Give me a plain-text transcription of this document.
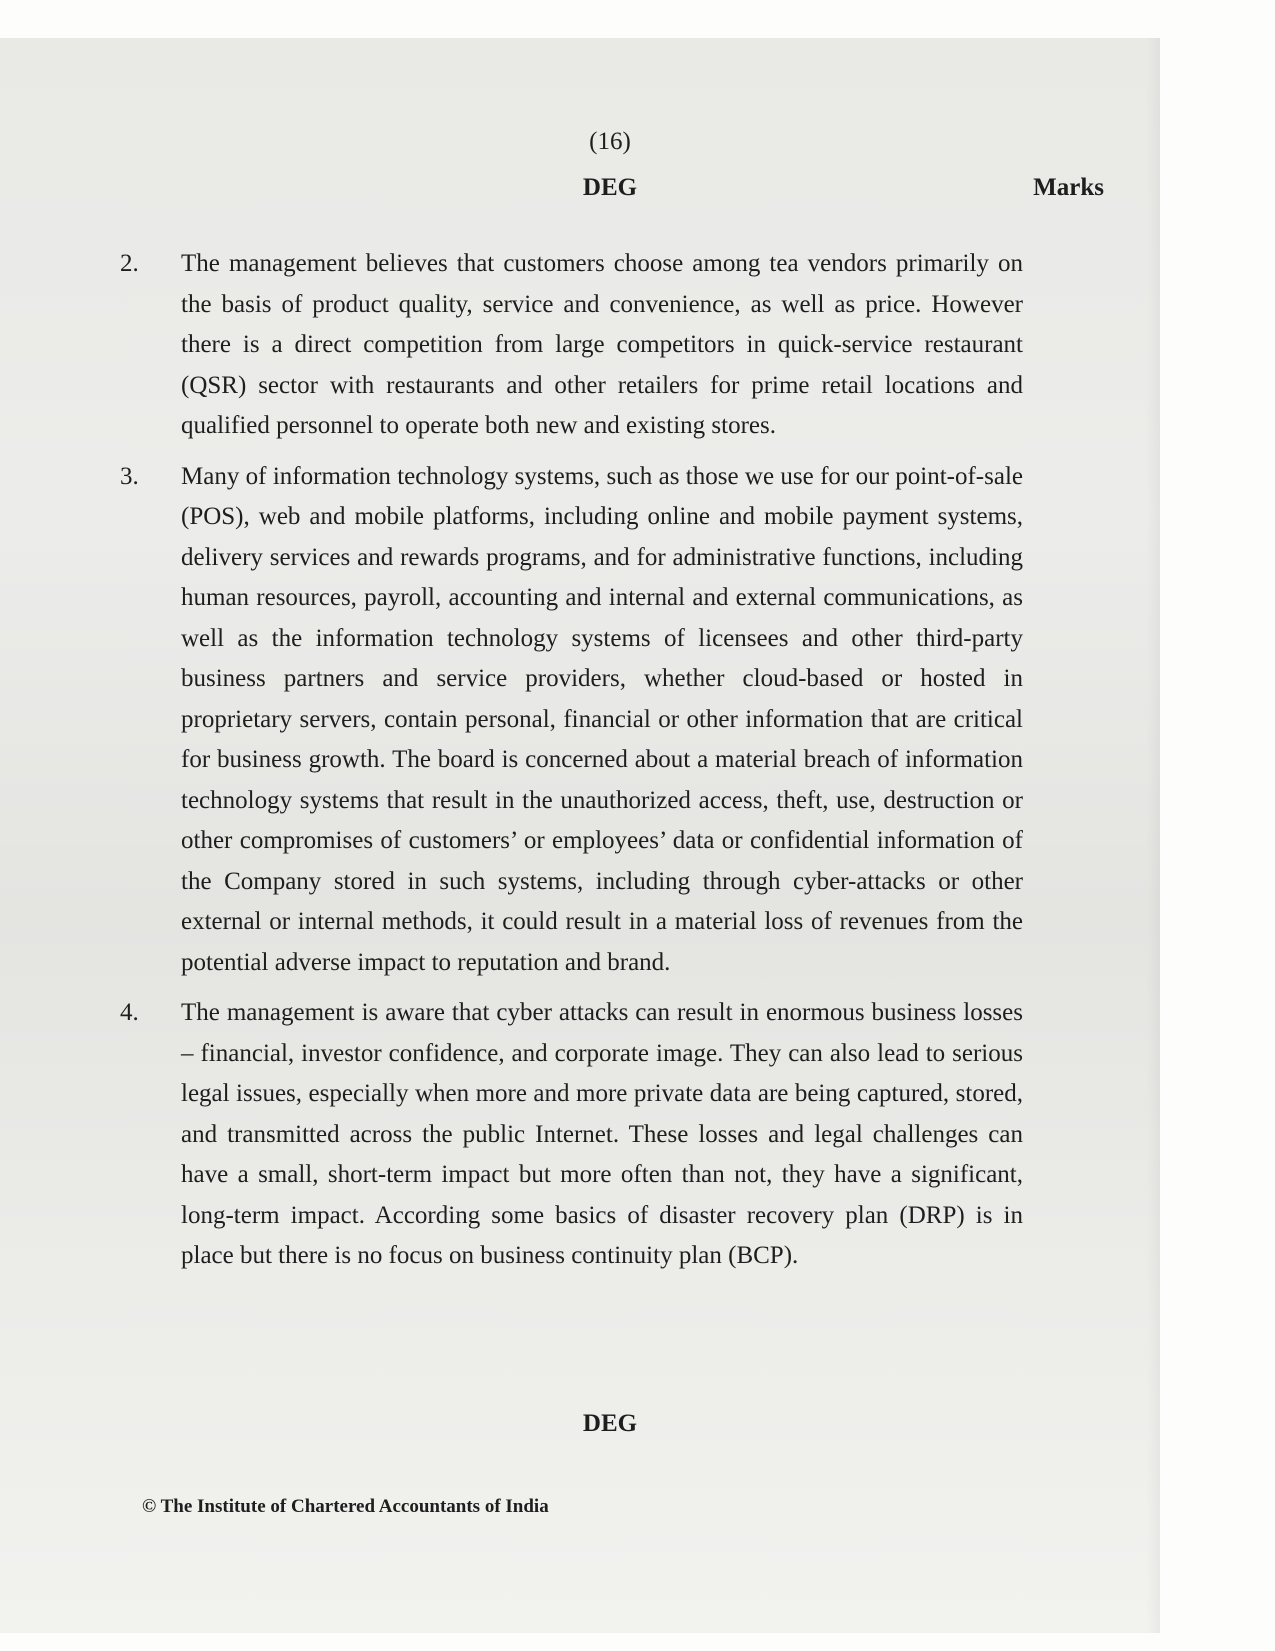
(16)
DEG	Marks
2. The management believes that customers choose among tea vendors primarily on the basis of product quality, service and convenience, as well as price. However there is a direct competition from large competitors in quick-service restaurant (QSR) sector with restaurants and other retailers for prime retail locations and qualified personnel to operate both new and existing stores.

3. Many of information technology systems, such as those we use for our point-of-sale (POS), web and mobile platforms, including online and mobile payment systems, delivery services and rewards programs, and for administrative functions, including human resources, payroll, accounting and internal and external communications, as well as the information technology systems of licensees and other third-party business partners and service providers, whether cloud-based or hosted in proprietary servers, contain personal, financial or other information that are critical for business growth. The board is concerned about a material breach of information technology systems that result in the unauthorized access, theft, use, destruction or other compromises of customers’ or employees’ data or confidential information of the Company stored in such systems, including through cyber-attacks or other external or internal methods, it could result in a material loss of revenues from the potential adverse impact to reputation and brand.

4. The management is aware that cyber attacks can result in enormous business losses – financial, investor confidence, and corporate image. They can also lead to serious legal issues, especially when more and more private data are being captured, stored, and transmitted across the public Internet. These losses and legal challenges can have a small, short-term impact but more often than not, they have a significant, long-term impact. According some basics of disaster recovery plan (DRP) is in place but there is no focus on business continuity plan (BCP).

DEG
© The Institute of Chartered Accountants of India
